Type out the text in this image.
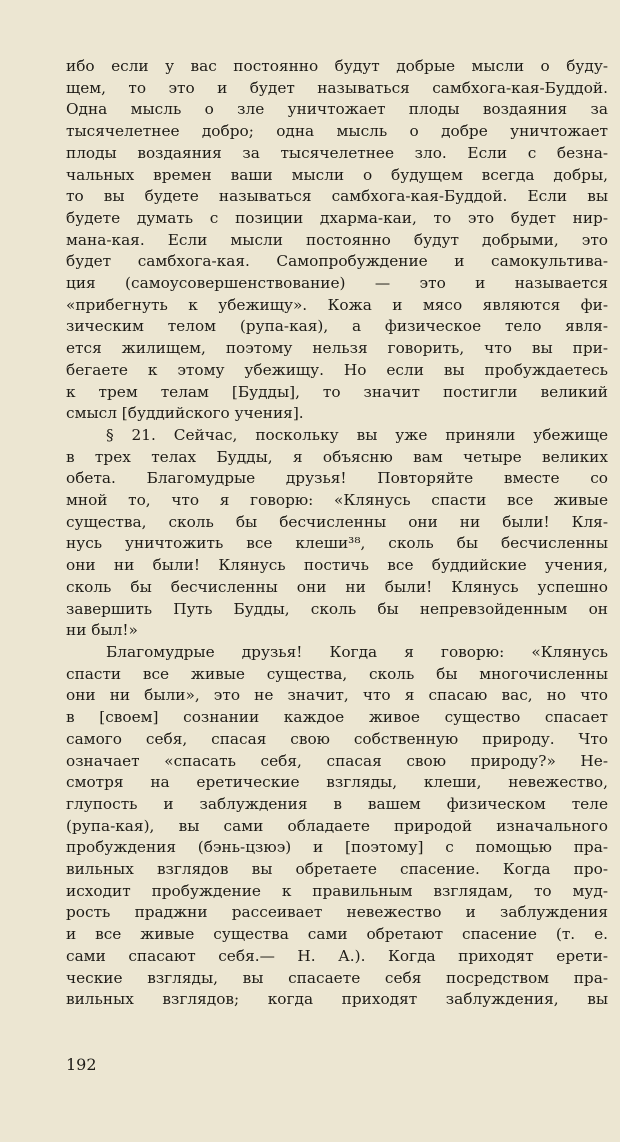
ибо если у вас постоянно будут добрые мысли о буду-

щем, то это и будет называться самбхога-кая-Буддой.

Одна мысль о зле уничтожает плоды воздаяния за

тысячелетнее добро; одна мысль о добре уничтожает

плоды воздаяния за тысячелетнее зло. Если с безна-

чальных времен ваши мысли о будущем всегда добры,

то вы будете называться самбхога-кая-Буддой. Если вы

будете думать с позиции дхарма-каи, то это будет нир-

мана-кая. Если мысли постоянно будут добрыми, это

будет самбхога-кая. Самопробуждение и самокультива-

ция (самоусовершенствование) — это и называется

«прибегнуть к убежищу». Кожа и мясо являются фи-

зическим телом (рупа-кая), а физическое тело явля-

ется жилищем, поэтому нельзя говорить, что вы при-

бегаете к этому убежищу. Но если вы пробуждаетесь

к трем телам [Будды], то значит постигли великий

смысл [буддийского учения].

§ 21. Сейчас, поскольку вы уже приняли убежище

в трех телах Будды, я объясню вам четыре великих

обета. Благомудрые друзья! Повторяйте вместе со

мной то, что я говорю: «Клянусь спасти все живые

существа, сколь бы бесчисленны они ни были! Кля-

нусь уничтожить все клеши³⁸, сколь бы бесчисленны

они ни были! Клянусь постичь все буддийские учения,

сколь бы бесчисленны они ни были! Клянусь успешно

завершить Путь Будды, сколь бы непревзойденным он

ни был!»

Благомудрые друзья! Когда я говорю: «Клянусь

спасти все живые существа, сколь бы многочисленны

они ни были», это не значит, что я спасаю вас, но что

в [своем] сознании каждое живое существо спасает

самого себя, спасая свою собственную природу. Что

означает «спасать себя, спасая свою природу?» Не-

смотря на еретические взгляды, клеши, невежество,

глупость и заблуждения в вашем физическом теле

(рупа-кая), вы сами обладаете природой изначального

пробуждения (бэнь-цзюэ) и [поэтому] с помощью пра-

вильных взглядов вы обретаете спасение. Когда про-

исходит пробуждение к правильным взглядам, то муд-

рость праджни рассеивает невежество и заблуждения

и все живые существа сами обретают спасение (т. е.

сами спасают себя.— Н. А.). Когда приходят ерети-

ческие взгляды, вы спасаете себя посредством пра-

вильных взглядов; когда приходят заблуждения, вы

192
